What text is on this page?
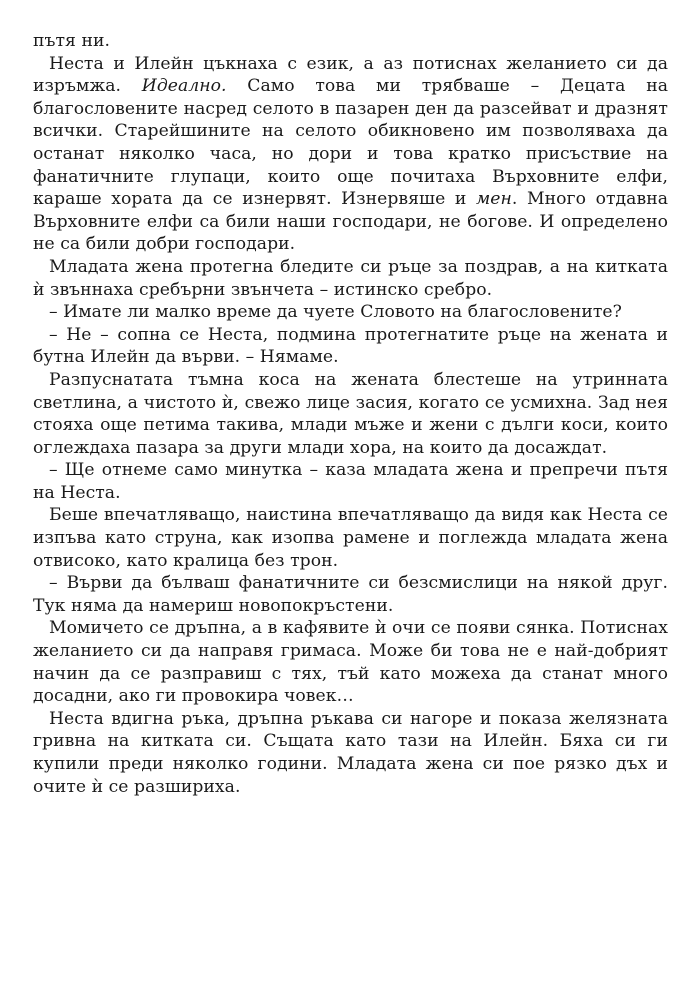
пътя ни.

Неста и Илейн цъкнаха с език, а аз потиснах желанието си да изръмжа. Идеално. Само това ми трябваше – Децата на благословените насред селото в пазарен ден да разсейват и дразнят всички. Старейшините на селото обикновено им позволяваха да останат няколко часа, но дори и това кратко присъствие на фанатичните глупаци, които още почитаха Върховните елфи, караше хората да се изнервят. Изнервяше и мен. Много отдавна Върховните елфи са били наши господари, не богове. И определено не са били добри господари.

Младата жена протегна бледите си ръце за поздрав, а на китката ѝ звъннаха сребърни звънчета – истинско сребро.

– Имате ли малко време да чуете Словото на благословените?

– Не – сопна се Неста, подмина протегнатите ръце на жената и бутна Илейн да върви. – Нямаме.

Разпуснатата тъмна коса на жената блестеше на утринната светлина, а чистото ѝ, свежо лице засия, когато се усмихна. Зад нея стояха още петима такива, млади мъже и жени с дълги коси, които оглеждаха пазара за други млади хора, на които да досаждат.

– Ще отнеме само минутка – каза младата жена и препречи пътя на Неста.

Беше впечатляващо, наистина впечатляващо да видя как Неста се изпъва като струна, как изопва рамене и поглежда младата жена отвисоко, като кралица без трон.

– Върви да бълваш фанатичните си безсмислици на някой друг. Тук няма да намериш новопокръстени.

Момичето се дръпна, а в кафявите ѝ очи се появи сянка. Потиснах желанието си да направя гримаса. Може би това не е най-добрият начин да се разправиш с тях, тъй като можеха да станат много досадни, ако ги провокира човек…

Неста вдигна ръка, дръпна ръкава си нагоре и показа желязната гривна на китката си. Същата като тази на Илейн. Бяха си ги купили преди няколко години. Младата жена си пое рязко дъх и очите ѝ се разшириха.
